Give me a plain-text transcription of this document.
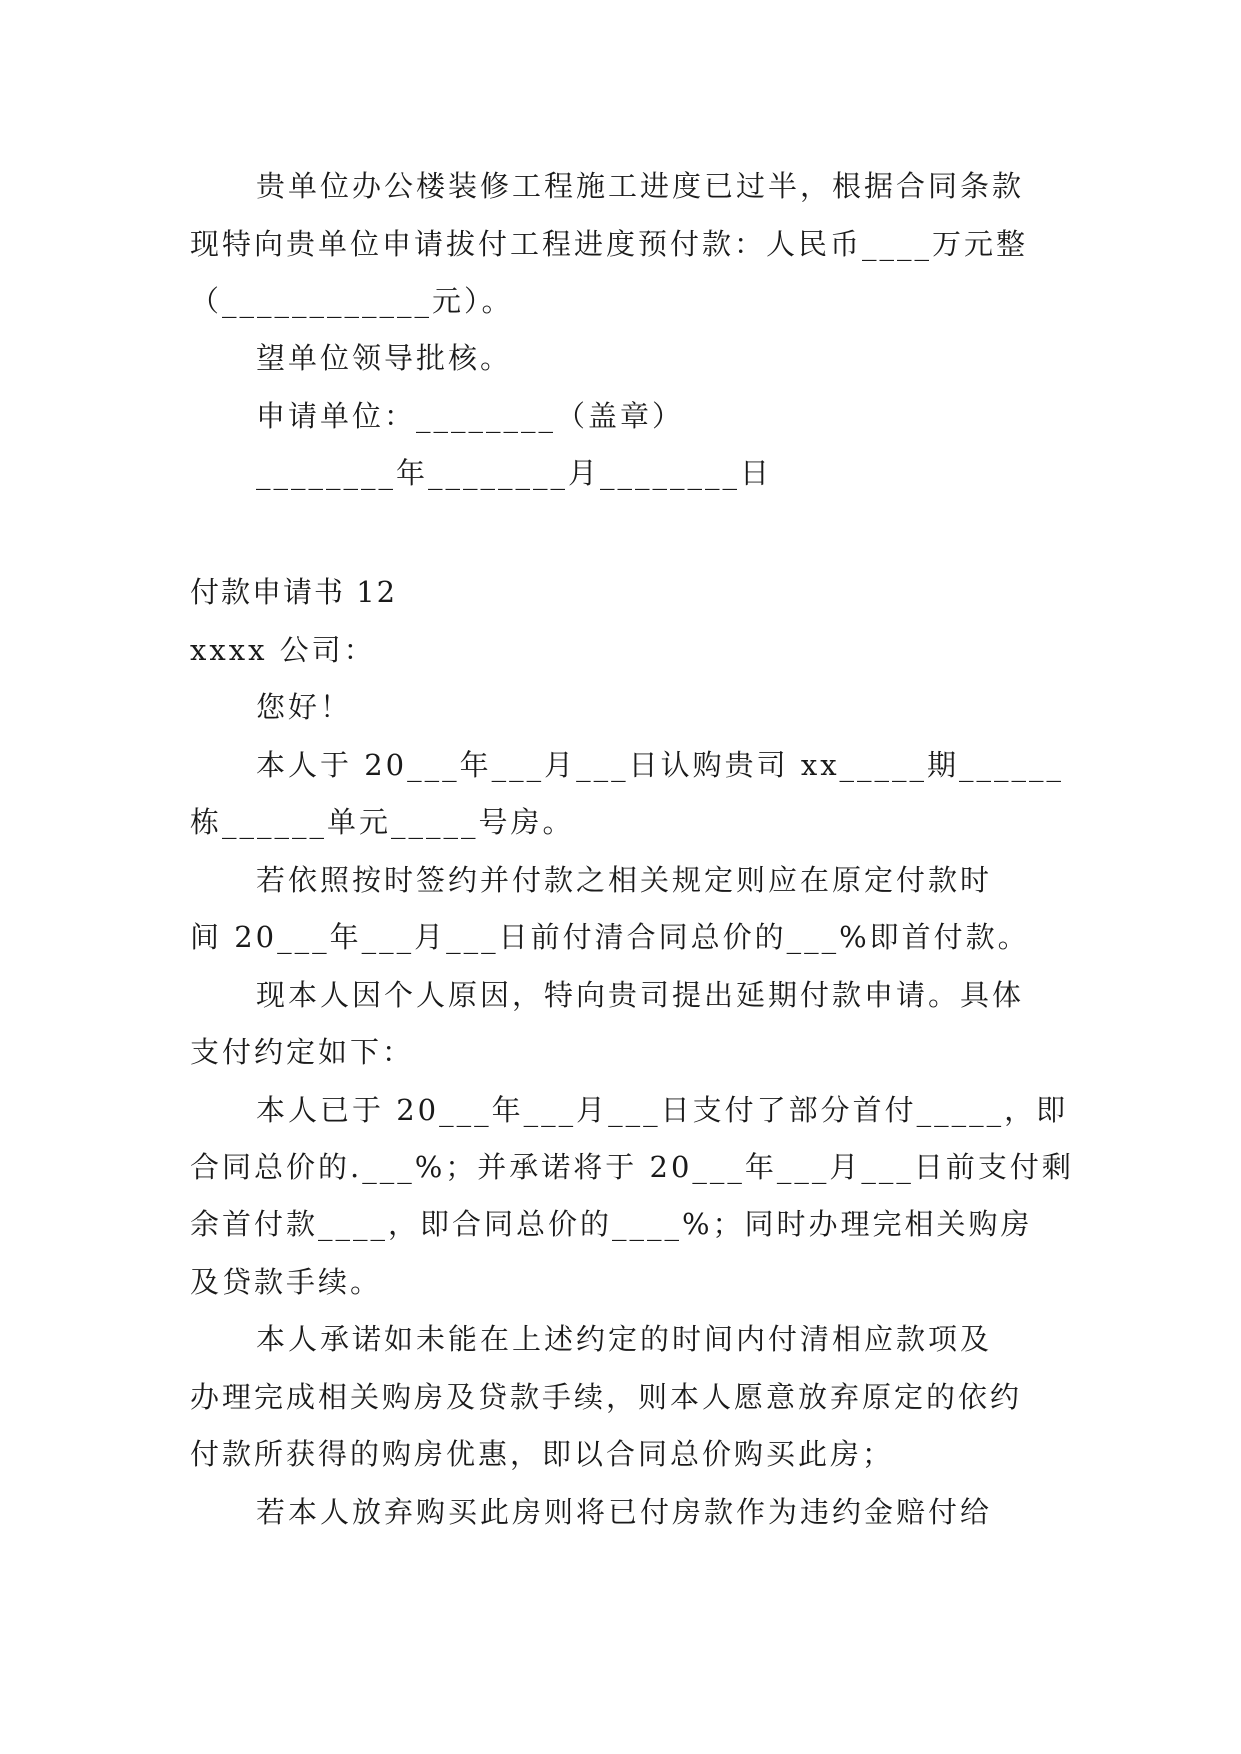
贵单位办公楼装修工程施工进度已过半，根据合同条款
现特向贵单位申请拔付工程进度预付款：人民币____万元整
（____________元）。
望单位领导批核。
申请单位：________（盖章）
________年________月________日
付款申请书 12
xxxx 公司：
您好！
本人于 20___年___月___日认购贵司 xx_____期______
栋______单元_____号房。
若依照按时签约并付款之相关规定则应在原定付款时
间 20___年___月___日前付清合同总价的___%即首付款。
现本人因个人原因，特向贵司提出延期付款申请。具体
支付约定如下：
本人已于 20___年___月___日支付了部分首付_____，即
合同总价的.___%；并承诺将于 20___年___月___日前支付剩
余首付款____，即合同总价的____%；同时办理完相关购房
及贷款手续。
本人承诺如未能在上述约定的时间内付清相应款项及
办理完成相关购房及贷款手续，则本人愿意放弃原定的依约
付款所获得的购房优惠，即以合同总价购买此房；
若本人放弃购买此房则将已付房款作为违约金赔付给
